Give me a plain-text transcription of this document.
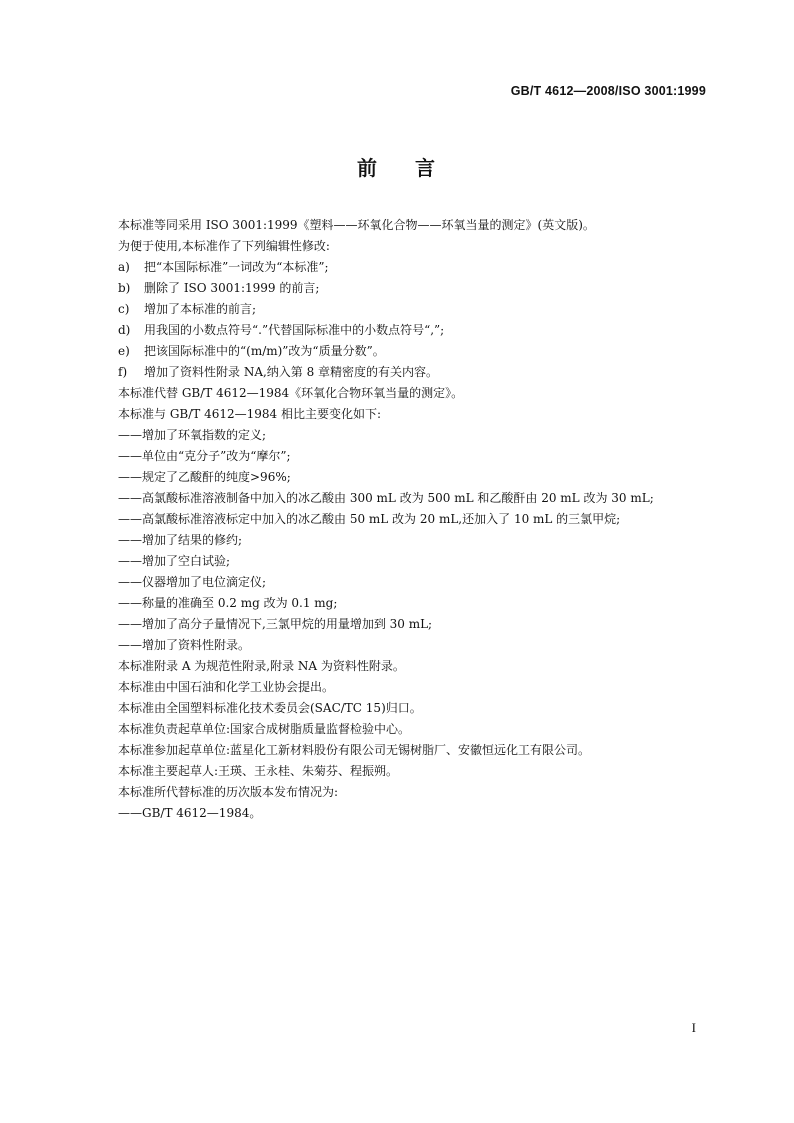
GB/T 4612—2008/ISO 3001:1999
前 言
本标准等同采用 ISO 3001:1999《塑料——环氧化合物——环氧当量的测定》(英文版)。
为便于使用,本标准作了下列编辑性修改:
a) 把“本国际标准”一词改为“本标准”;
b) 删除了 ISO 3001:1999 的前言;
c) 增加了本标准的前言;
d) 用我国的小数点符号“.”代替国际标准中的小数点符号“,”;
e) 把该国际标准中的“(m/m)”改为“质量分数”。
f) 增加了资料性附录 NA,纳入第 8 章精密度的有关内容。
本标准代替 GB/T 4612—1984《环氧化合物环氧当量的测定》。
本标准与 GB/T 4612—1984 相比主要变化如下:
——增加了环氧指数的定义;
——单位由“克分子”改为“摩尔”;
——规定了乙酸酐的纯度>96%;
——高氯酸标准溶液制备中加入的冰乙酸由 300 mL 改为 500 mL 和乙酸酐由 20 mL 改为 30 mL;
——高氯酸标准溶液标定中加入的冰乙酸由 50 mL 改为 20 mL,还加入了 10 mL 的三氯甲烷;
——增加了结果的修约;
——增加了空白试验;
——仪器增加了电位滴定仪;
——称量的准确至 0.2 mg 改为 0.1 mg;
——增加了高分子量情况下,三氯甲烷的用量增加到 30 mL;
——增加了资料性附录。
本标准附录 A 为规范性附录,附录 NA 为资料性附录。
本标准由中国石油和化学工业协会提出。
本标准由全国塑料标准化技术委员会(SAC/TC 15)归口。
本标准负责起草单位:国家合成树脂质量监督检验中心。
本标准参加起草单位:蓝星化工新材料股份有限公司无锡树脂厂、安徽恒远化工有限公司。
本标准主要起草人:王瑛、王永桂、朱菊芬、程振朔。
本标准所代替标准的历次版本发布情况为:
——GB/T 4612—1984。
I
